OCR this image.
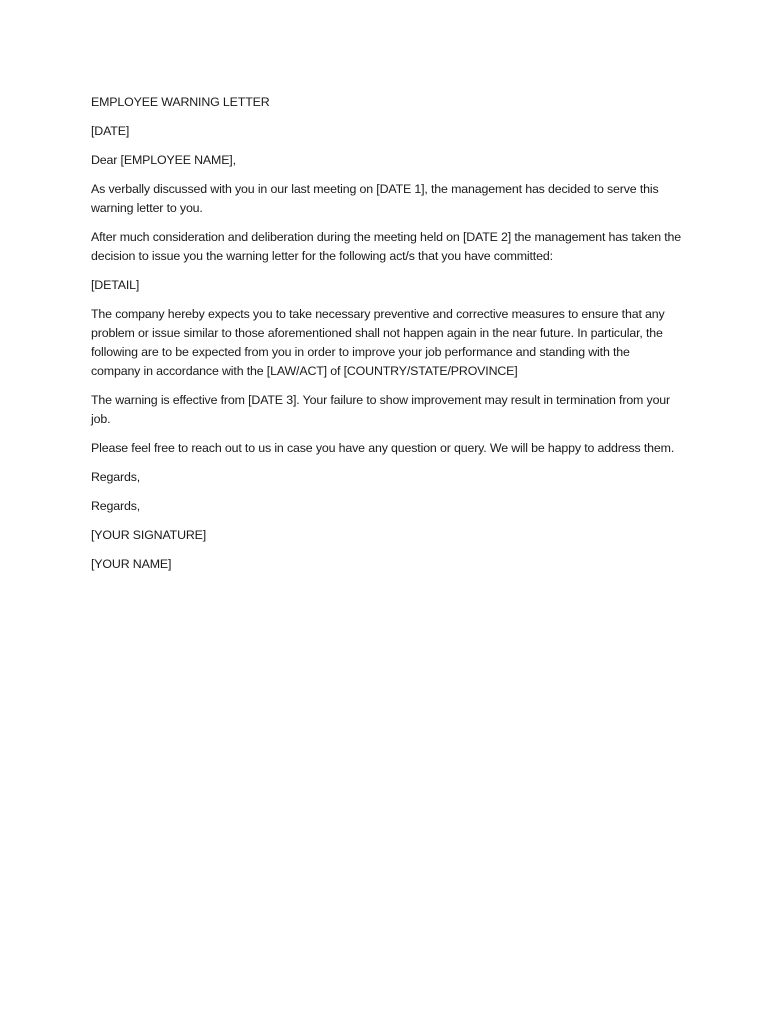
EMPLOYEE WARNING LETTER

[DATE]

Dear [EMPLOYEE NAME],

As verbally discussed with you in our last meeting on [DATE 1], the management has decided to serve this warning letter to you.

After much consideration and deliberation during the meeting held on [DATE 2] the management has taken the decision to issue you the warning letter for the following act/s that you have committed:

[DETAIL]

The company hereby expects you to take necessary preventive and corrective measures to ensure that any problem or issue similar to those aforementioned shall not happen again in the near future. In particular, the following are to be expected from you in order to improve your job performance and standing with the company in accordance with the [LAW/ACT] of [COUNTRY/STATE/PROVINCE]

The warning is effective from [DATE 3]. Your failure to show improvement may result in termination from your job.

Please feel free to reach out to us in case you have any question or query. We will be happy to address them.

Regards,

Regards,

[YOUR SIGNATURE]

[YOUR NAME]
